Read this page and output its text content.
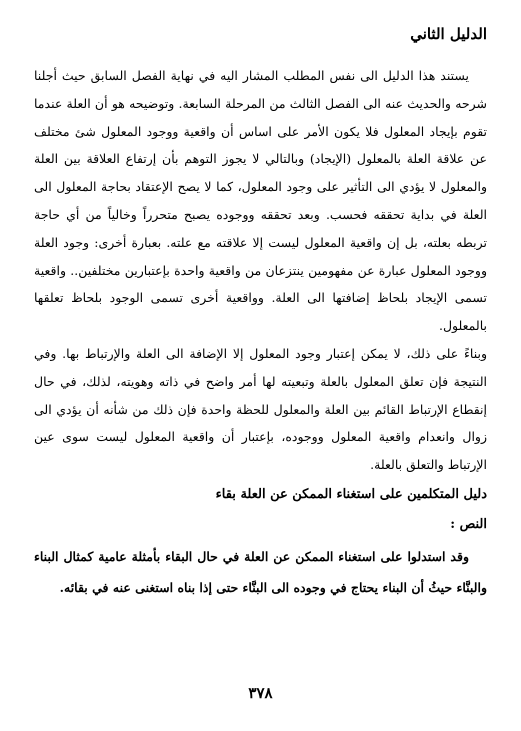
الدليل الثاني

يستند هذا الدليل الى نفس المطلب المشار اليه في نهاية الفصل السابق حيث أجلنا شرحه والحديث عنه الى الفصل الثالث من المرحلة السابعة. وتوضيحه هو أن العلة عندما تقوم بإيجاد المعلول فلا يكون الأمر على اساس أن واقعية ووجود المعلول شئ مختلف عن علاقة العلة بالمعلول (الإيجاد) وبالتالي لا يجوز التوهم بأن إرتفاع العلاقة بين العلة والمعلول لا يؤدي الى التأثير على وجود المعلول، كما لا يصح الإعتقاد بحاجة المعلول الى العلة في بداية تحققه فحسب. وبعد تحققه ووجوده يصبح متحرراً وخالياً من أي حاجة تربطه بعلته، بل إن واقعية المعلول ليست إلا علاقته مع علته. بعبارة أخرى: وجود العلة ووجود المعلول عبارة عن مفهومين ينتزعان من واقعية واحدة بإعتبارين مختلفين.. واقعية تسمى الإيجاد بلحاظ إضافتها الى العلة. وواقعية أخرى تسمى الوجود بلحاظ تعلقها بالمعلول.

وبناءً على ذلك، لا يمكن إعتبار وجود المعلول إلا الإضافة الى العلة والإرتباط بها. وفي النتيجة فإن تعلق المعلول بالعلة وتبعيته لها أمر واضح في ذاته وهويته، لذلك، في حال إنقطاع الإرتباط القائم بين العلة والمعلول للحظة واحدة فإن ذلك من شأنه أن يؤدي الى زوال وانعدام واقعية المعلول ووجوده، بإعتبار أن واقعية المعلول ليست سوى عين الإرتباط والتعلق بالعلة.

دليل المتكلمين على استغناء الممكن عن العلة بقاء
النص :
وقد استدلوا على استغناء الممكن عن العلة في حال البقاء بأمثلة عامية كمثال البناء والبنَّاء حيثُ أن البناء يحتاج في وجوده الى البنَّاء حتى إذا بناه استغنى عنه في بقائه.
٣٧٨
